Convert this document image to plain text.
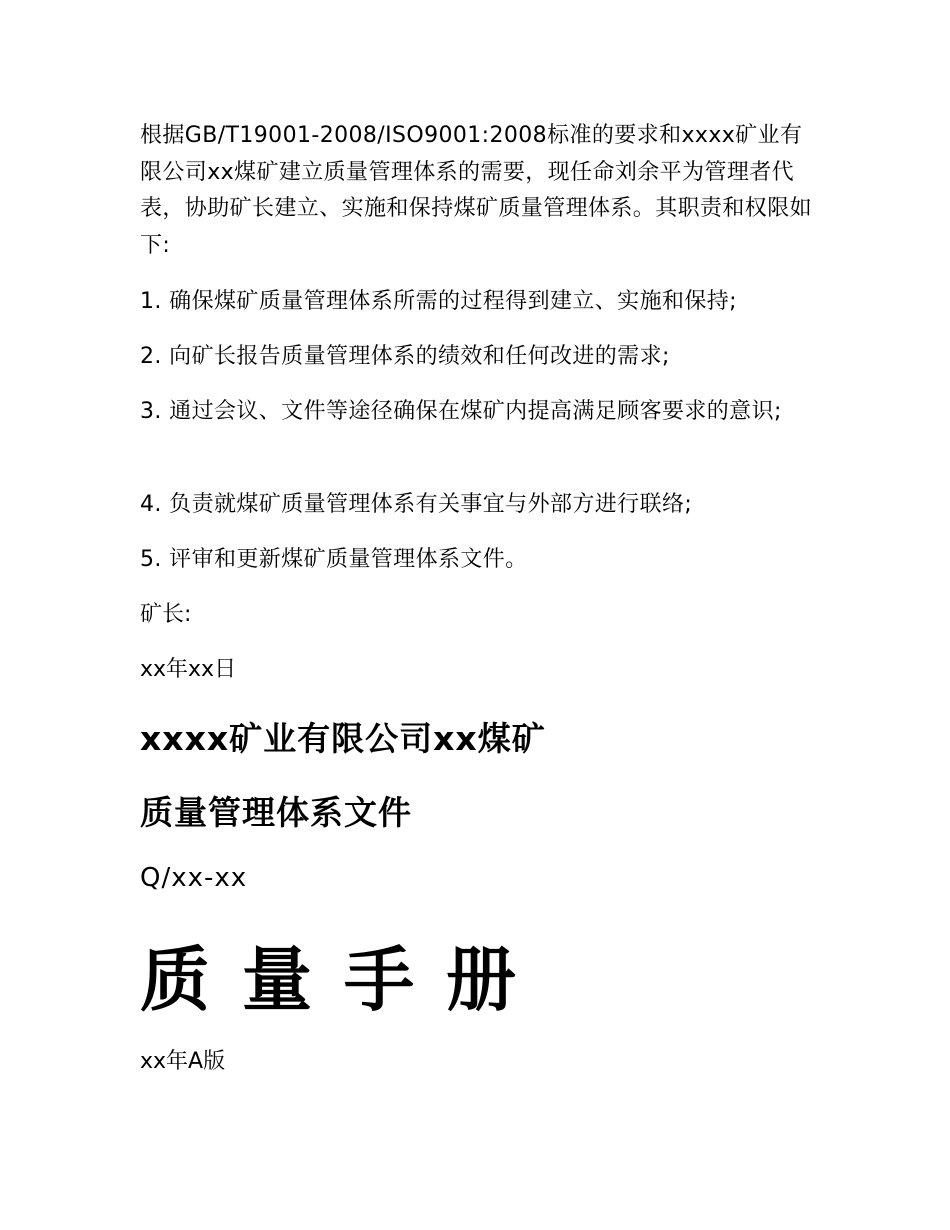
根据GB/T19001-2008/ISO9001:2008标准的要求和xxxx矿业有限公司xx煤矿建立质量管理体系的需要，现任命刘余平为管理者代表，协助矿长建立、实施和保持煤矿质量管理体系。其职责和权限如下:

1. 确保煤矿质量管理体系所需的过程得到建立、实施和保持;

2. 向矿长报告质量管理体系的绩效和任何改进的需求;

3. 通过会议、文件等途径确保在煤矿内提高满足顾客要求的意识;

4. 负责就煤矿质量管理体系有关事宜与外部方进行联络;

5. 评审和更新煤矿质量管理体系文件。

矿长:

xx年xx日

xxxx矿业有限公司xx煤矿
质量管理体系文件

Q/xx-xx

质量手册

xx年A版
